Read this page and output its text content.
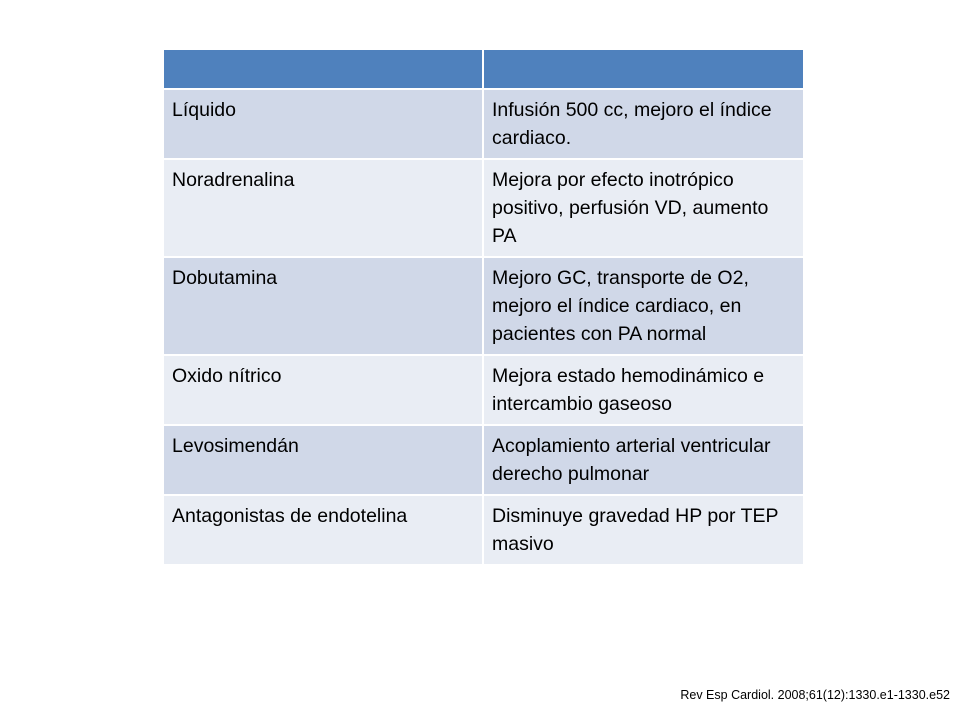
Líquido	Infusión 500 cc, mejoro el índice cardiaco.
Noradrenalina	Mejora por efecto inotrópico positivo, perfusión VD, aumento PA
Dobutamina	Mejoro GC, transporte de O2, mejoro el índice cardiaco, en pacientes con PA normal
Oxido nítrico	Mejora estado hemodinámico e intercambio gaseoso
Levosimendán	Acoplamiento arterial ventricular derecho pulmonar
Antagonistas de endotelina	Disminuye gravedad HP por TEP masivo
Rev Esp Cardiol. 2008;61(12):1330.e1-1330.e52
